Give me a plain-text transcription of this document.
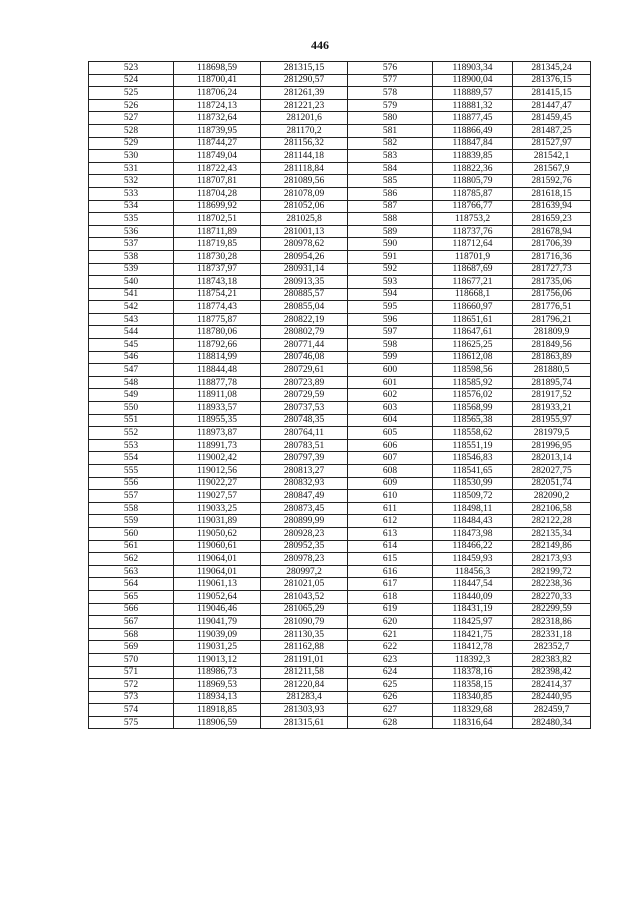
446
523	118698,59	281315,15	576	118903,34	281345,24
524	118700,41	281290,57	577	118900,04	281376,15
525	118706,24	281261,39	578	118889,57	281415,15
526	118724,13	281221,23	579	118881,32	281447,47
527	118732,64	281201,6	580	118877,45	281459,45
528	118739,95	281170,2	581	118866,49	281487,25
529	118744,27	281156,32	582	118847,84	281527,97
530	118749,04	281144,18	583	118839,85	281542,1
531	118722,43	281118,84	584	118822,36	281567,9
532	118707,81	281089,56	585	118805,79	281592,76
533	118704,28	281078,09	586	118785,87	281618,15
534	118699,92	281052,06	587	118766,77	281639,94
535	118702,51	281025,8	588	118753,2	281659,23
536	118711,89	281001,13	589	118737,76	281678,94
537	118719,85	280978,62	590	118712,64	281706,39
538	118730,28	280954,26	591	118701,9	281716,36
539	118737,97	280931,14	592	118687,69	281727,73
540	118743,18	280913,35	593	118677,21	281735,06
541	118754,21	280885,57	594	118668,1	281756,06
542	118774,43	280855,04	595	118660,97	281776,51
543	118775,87	280822,19	596	118651,61	281796,21
544	118780,06	280802,79	597	118647,61	281809,9
545	118792,66	280771,44	598	118625,25	281849,56
546	118814,99	280746,08	599	118612,08	281863,89
547	118844,48	280729,61	600	118598,56	281880,5
548	118877,78	280723,89	601	118585,92	281895,74
549	118911,08	280729,59	602	118576,02	281917,52
550	118933,57	280737,53	603	118568,99	281933,21
551	118955,35	280748,35	604	118565,38	281955,97
552	118973,87	280764,11	605	118558,62	281979,5
553	118991,73	280783,51	606	118551,19	281996,95
554	119002,42	280797,39	607	118546,83	282013,14
555	119012,56	280813,27	608	118541,65	282027,75
556	119022,27	280832,93	609	118530,99	282051,74
557	119027,57	280847,49	610	118509,72	282090,2
558	119033,25	280873,45	611	118498,11	282106,58
559	119031,89	280899,99	612	118484,43	282122,28
560	119050,62	280928,23	613	118473,98	282135,34
561	119060,61	280952,35	614	118466,22	282149,86
562	119064,01	280978,23	615	118459,93	282173,93
563	119064,01	280997,2	616	118456,3	282199,72
564	119061,13	281021,05	617	118447,54	282238,36
565	119052,64	281043,52	618	118440,09	282270,33
566	119046,46	281065,29	619	118431,19	282299,59
567	119041,79	281090,79	620	118425,97	282318,86
568	119039,09	281130,35	621	118421,75	282331,18
569	119031,25	281162,88	622	118412,78	282352,7
570	119013,12	281191,01	623	118392,3	282383,82
571	118986,73	281211,58	624	118378,16	282398,42
572	118969,53	281220,84	625	118358,15	282414,37
573	118934,13	281283,4	626	118340,85	282440,95
574	118918,85	281303,93	627	118329,68	282459,7
575	118906,59	281315,61	628	118316,64	282480,34
